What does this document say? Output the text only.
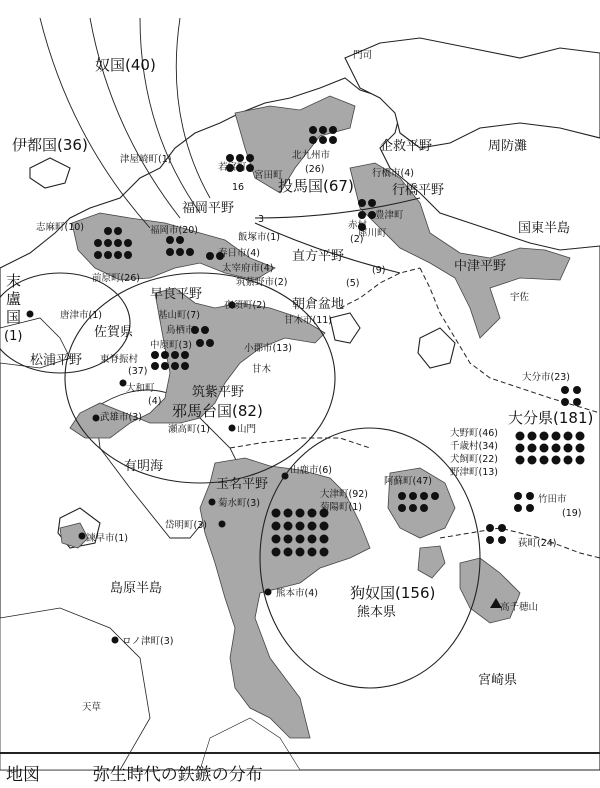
奴国(40)
伊都国(36)
末
盧
国
(1)
投馬国(67)
邪馬台国(82)
狗奴国(156)
大分県(181)
門司
津屋崎町(1)	北九州市
(26)
企救平野	周防灘
行橋市(4)
行橋平野
若宮町
16
宮田町
3
福岡平野
福岡市(20)
志麻町(10)
飯塚市(1)
春日市(4)
太宰府市(4)
筑紫野市(2)
赤村
(2)
豊津町
(9)
犀川町
(5)
直方平野
国東半島
中津平野
宇佐
前原町(26)
早良平野
唐津市(1)	基山町(7)
鳥栖市
夜須町(2) 朝倉盆地
甘木市(11)
佐賀県
中原町(3)	小郡市(13)
松浦平野 東脊振村
(37)	甘木
大和町
(4)
筑紫平野
武雄市(3)
瀬高町(1)	山門
有明海
大分市(23)
大野町(46)
千歳村(34)
犬飼町(22)
野津町(13)
竹田市
(19)
荻町(24)
玉名平野
山鹿市(6)
大津町(92)
菊陽町(1)
阿蘇町(47)
菊水町(3)
岱明町(3)
諫早市(1)
島原半島	熊本市(4)
熊本県	高千穂山
ロノ津町(3)
宮崎県
天草
地図	弥生時代の鉄鏃の分布
